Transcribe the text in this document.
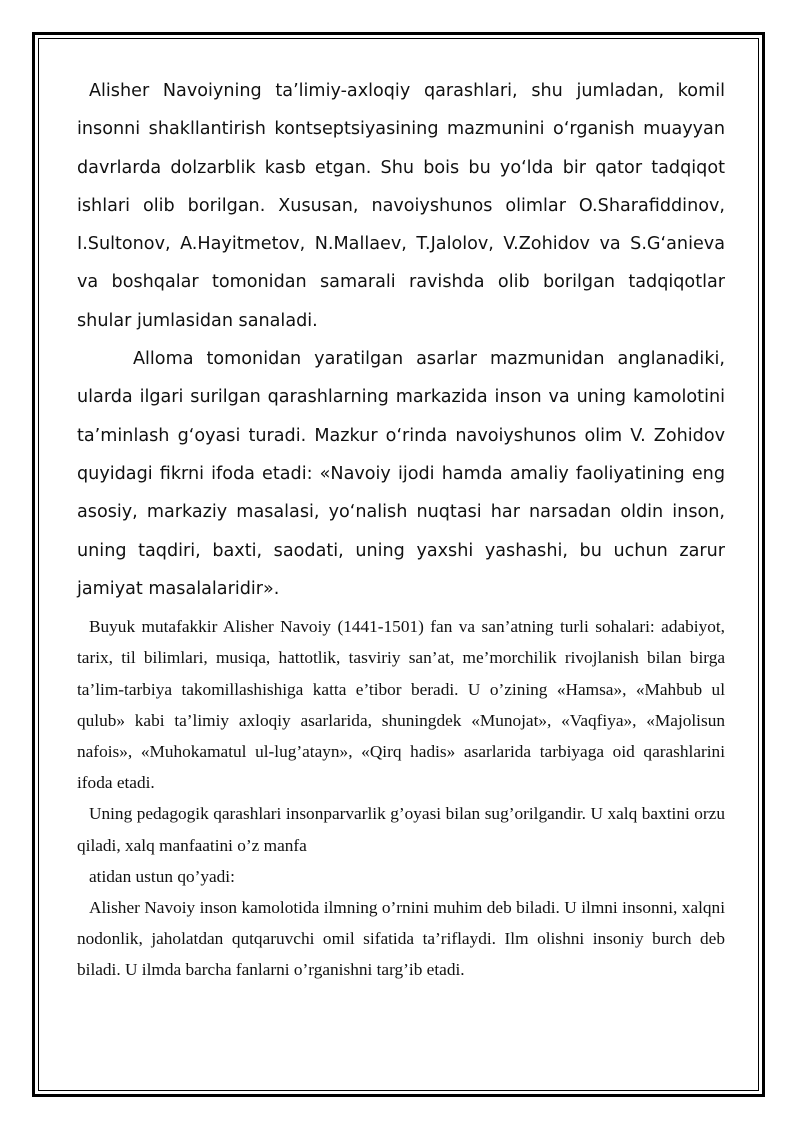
Alisher Navoiyning ta’limiy-axloqiy qarashlari, shu jumladan, komil insonni shakllantirish kontseptsiyasining mazmunini o‘rganish muayyan davrlarda dolzarblik kasb etgan. Shu bois bu yo‘lda bir qator tadqiqot ishlari olib borilgan. Xususan, navoiyshunos olimlar O.Sharafiddinov, I.Sultonov, A.Hayitmetov, N.Mallaev, T.Jalolov, V.Zohidov va S.G‘anieva va boshqalar tomonidan samarali ravishda olib borilgan tadqiqotlar shular jumlasidan sanaladi.

Alloma tomonidan yaratilgan asarlar mazmunidan anglanadiki, ularda ilgari surilgan qarashlarning markazida inson va uning kamolotini ta’minlash g‘oyasi turadi. Mazkur o‘rinda navoiyshunos olim V. Zohidov quyidagi fikrni ifoda etadi: «Navoiy ijodi hamda amaliy faoliyatining eng asosiy, markaziy masalasi, yo‘nalish nuqtasi har narsadan oldin inson, uning taqdiri, baxti, saodati, uning yaxshi yashashi, bu uchun zarur jamiyat masalalaridir».

Buyuk mutafakkir Alisher Navoiy (1441-1501) fan va san’atning turli sohalari: adabiyot, tarix, til bilimlari, musiqa, hattotlik, tasviriy san’at, me’morchilik rivojlanish bilan birga ta’lim-tarbiya takomillashishiga katta e’tibor beradi. U o’zining «Hamsa», «Mahbub ul qulub» kabi ta’limiy axloqiy asarlarida, shuningdek «Munojat», «Vaqfiya», «Majolisun nafois», «Muhokamatul ul-lug’atayn», «Qirq hadis» asarlarida tarbiyaga oid qarashlarini ifoda etadi.

Uning pedagogik qarashlari insonparvarlik g’oyasi bilan sug’orilgandir. U xalq baxtini orzu qiladi, xalq manfaatini o’z manfa

atidan ustun qo’yadi:

Alisher Navoiy inson kamolotida ilmning o’rnini muhim deb biladi. U ilmni insonni, xalqni nodonlik, jaholatdan qutqaruvchi omil sifatida ta’riflaydi. Ilm olishni insoniy burch deb biladi. U ilmda barcha fanlarni o’rganishni targ’ib etadi.
